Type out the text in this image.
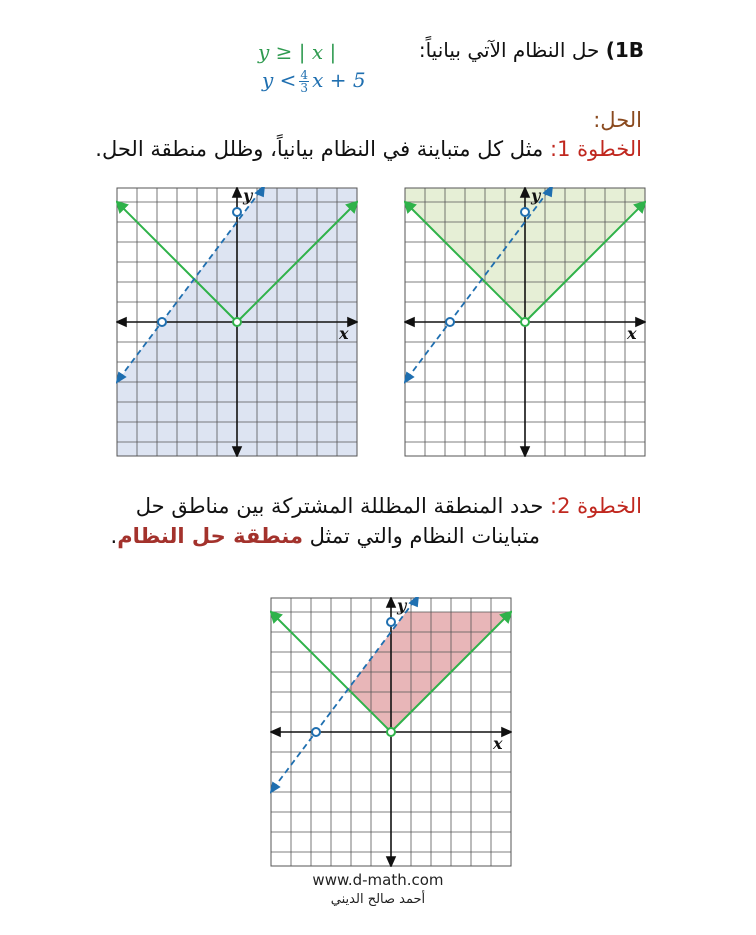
1B) حل النظام الآتي بيانياً:
y ≥ | x |
$y < \frac{4}{3}$ x + 5
الحل:
الخطوة 1: مثل كل متباينة في النظام بيانياً، وظلل منطقة الحل.
x
y
x
y
الخطوة 2: حدد المنطقة المظللة المشتركة بين مناطق حل
متباينات النظام والتي تمثل منطقة حل النظام.
x
y
www.d-math.com
أحمد صالح الديني
